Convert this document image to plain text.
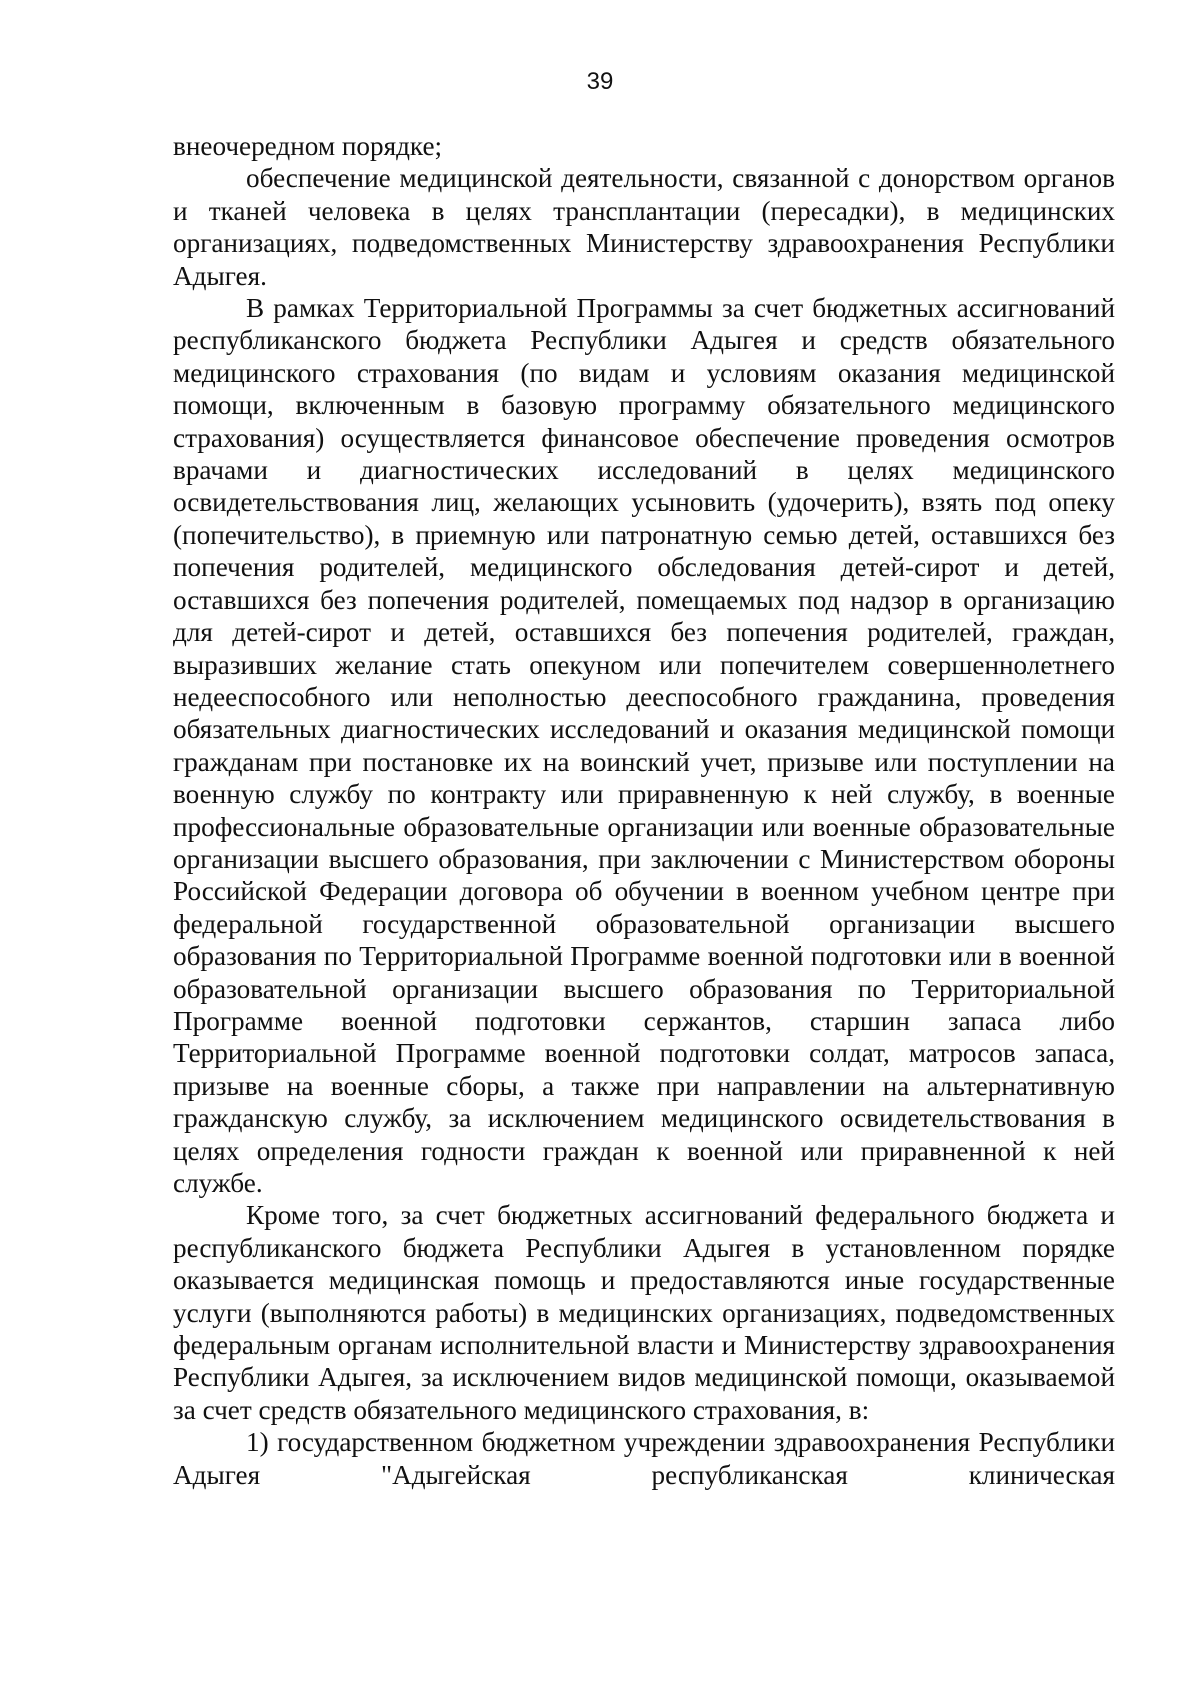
39

внеочередном порядке;

обеспечение медицинской деятельности, связанной с донорством органов и тканей человека в целях трансплантации (пересадки), в медицинских организациях, подведомственных Министерству здравоохранения Республики Адыгея.

В рамках Территориальной Программы за счет бюджетных ассигнований республиканского бюджета Республики Адыгея и средств обязательного медицинского страхования (по видам и условиям оказания медицинской помощи, включенным в базовую программу обязательного медицинского страхования) осуществляется финансовое обеспечение проведения осмотров врачами и диагностических исследований в целях медицинского освидетельствования лиц, желающих усыновить (удочерить), взять под опеку (попечительство), в приемную или патронатную семью детей, оставшихся без попечения родителей, медицинского обследования детей-сирот и детей, оставшихся без попечения родителей, помещаемых под надзор в организацию для детей-сирот и детей, оставшихся без попечения родителей, граждан, выразивших желание стать опекуном или попечителем совершеннолетнего недееспособного или неполностью дееспособного гражданина, проведения обязательных диагностических исследований и оказания медицинской помощи гражданам при постановке их на воинский учет, призыве или поступлении на военную службу по контракту или приравненную к ней службу, в военные профессиональные образовательные организации или военные образовательные организации высшего образования, при заключении с Министерством обороны Российской Федерации договора об обучении в военном учебном центре при федеральной государственной образовательной организации высшего образования по Территориальной Программе военной подготовки или в военной образовательной организации высшего образования по Территориальной Программе военной подготовки сержантов, старшин запаса либо Территориальной Программе военной подготовки солдат, матросов запаса, призыве на военные сборы, а также при направлении на альтернативную гражданскую службу, за исключением медицинского освидетельствования в целях определения годности граждан к военной или приравненной к ней службе.

Кроме того, за счет бюджетных ассигнований федерального бюджета и республиканского бюджета Республики Адыгея в установленном порядке оказывается медицинская помощь и предоставляются иные государственные услуги (выполняются работы) в медицинских организациях, подведомственных федеральным органам исполнительной власти и Министерству здравоохранения Республики Адыгея, за исключением видов медицинской помощи, оказываемой за счет средств обязательного медицинского страхования, в:

1) государственном бюджетном учреждении здравоохранения Республики Адыгея "Адыгейская республиканская клиническая
